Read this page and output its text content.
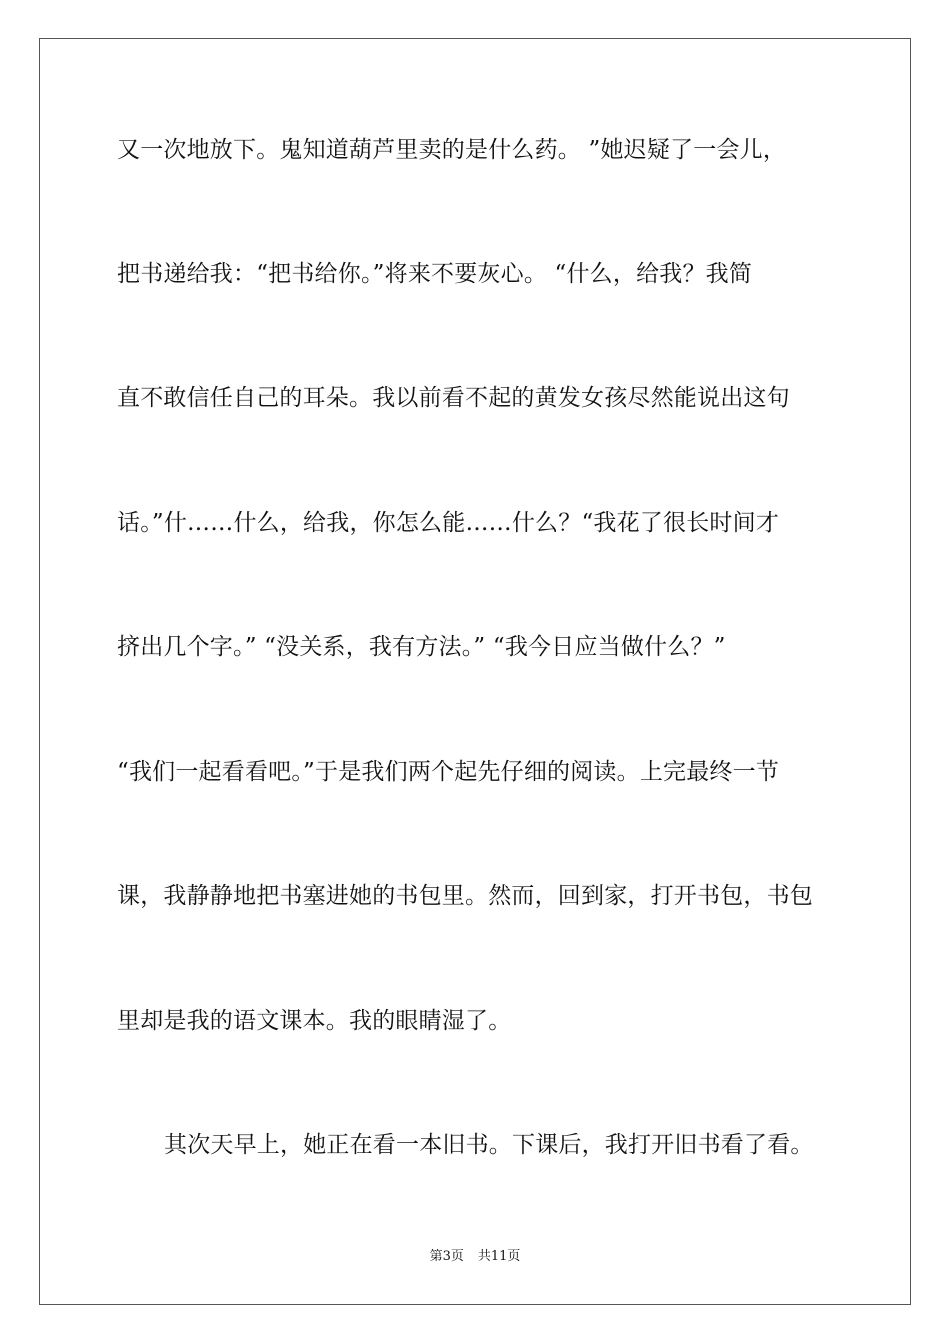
又一次地放下。鬼知道葫芦里卖的是什么药。 ”她迟疑了一会儿，
把书递给我：“把书给你。”将来不要灰心。 “什么，给我？我简
直不敢信任自己的耳朵。我以前看不起的黄发女孩尽然能说出这句
话。”什……什么，给我，你怎么能……什么？“我花了很长时间才
挤出几个字。” “没关系，我有方法。” “我今日应当做什么？”
“我们一起看看吧。”于是我们两个起先仔细的阅读。上完最终一节
课，我静静地把书塞进她的书包里。然而，回到家，打开书包，书包
里却是我的语文课本。我的眼睛湿了。
其次天早上，她正在看一本旧书。下课后，我打开旧书看了看。
第3页 共11页
